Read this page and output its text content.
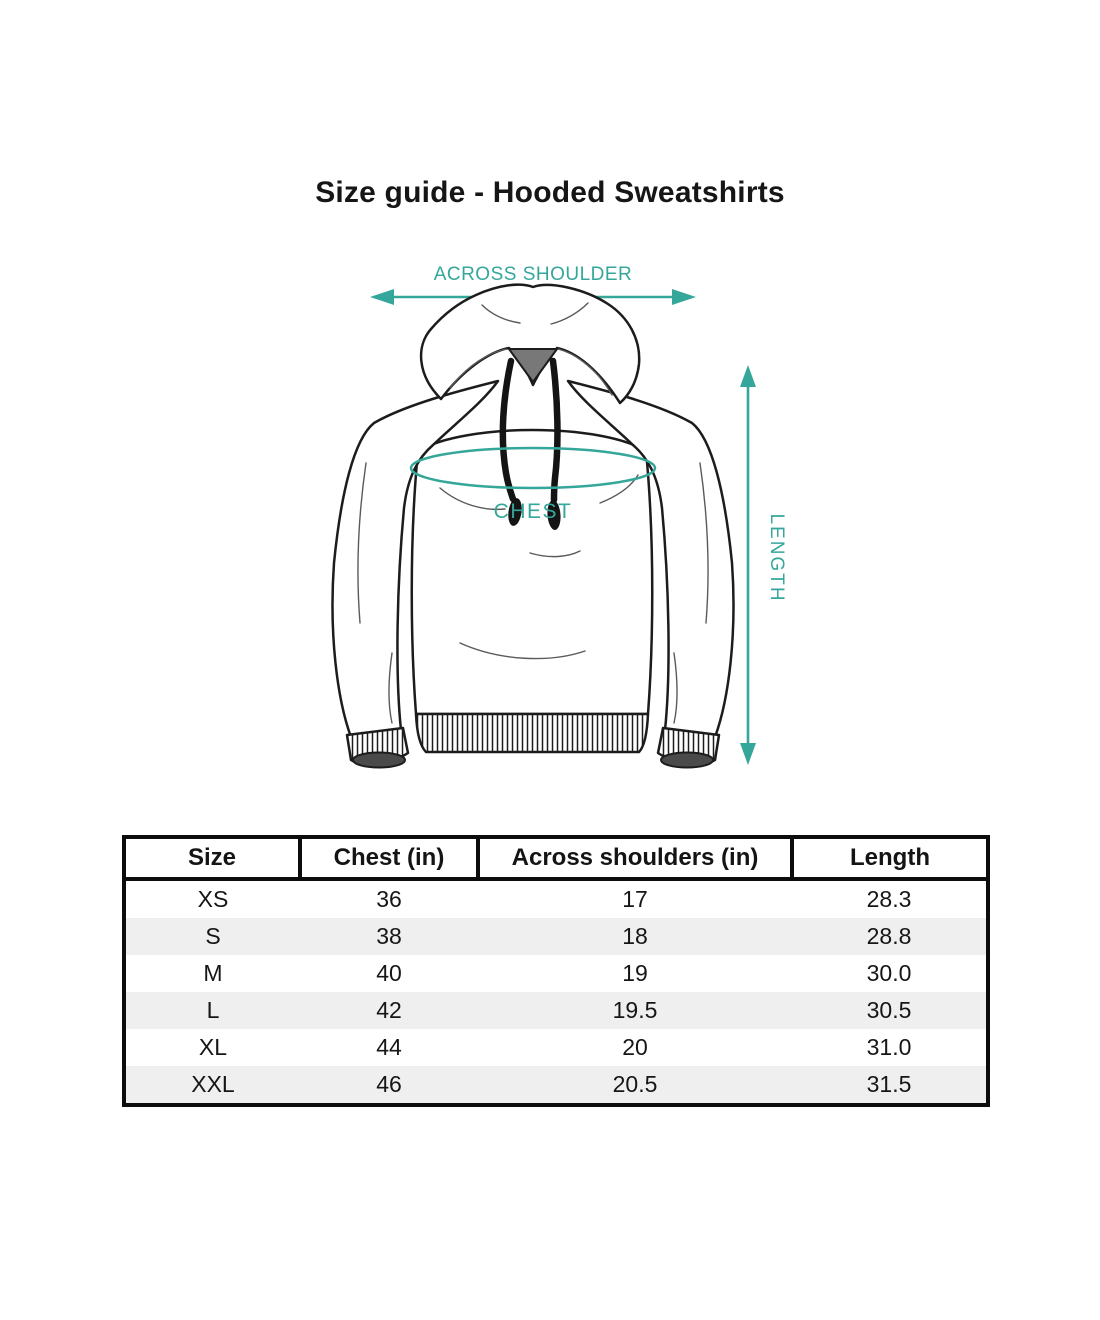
Size guide - Hooded Sweatshirts
ACROSS SHOULDER
LENGTH
CHEST
Size	Chest (in)	Across shoulders (in)	Length
XS	36	17	28.3
S	38	18	28.8
M	40	19	30.0
L	42	19.5	30.5
XL	44	20	31.0
XXL	46	20.5	31.5
